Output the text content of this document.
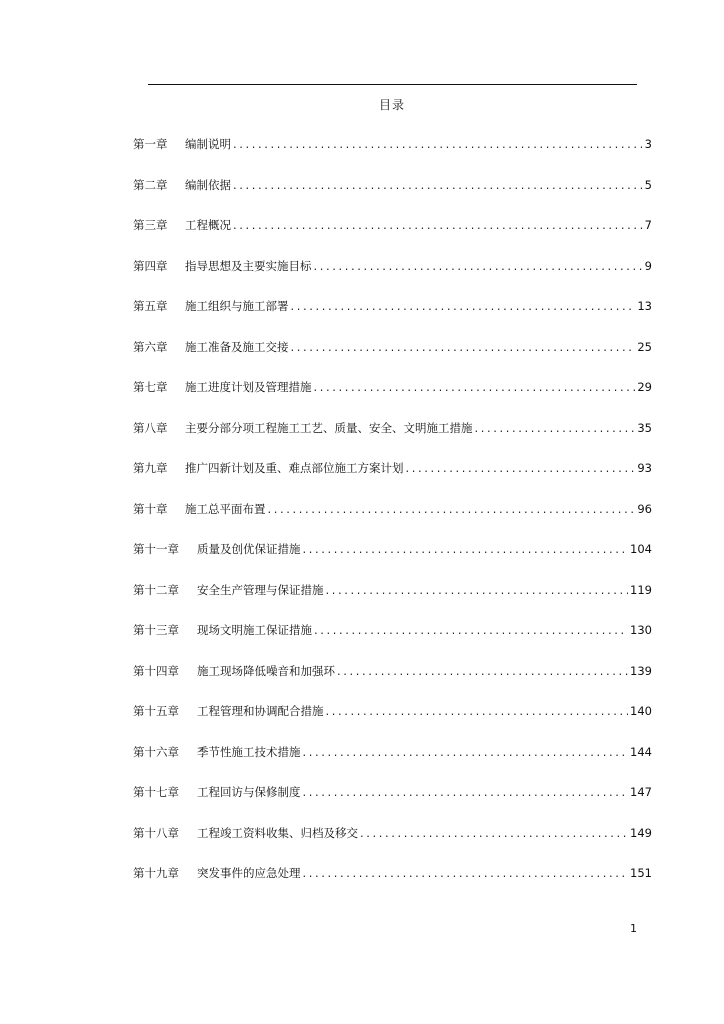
目录
第一章	编制说明 .....	3
第二章	编制依据 .....	5
第三章	工程概况 .....	7
第四章	指导思想及主要实施目标 .....	9
第五章	施工组织与施工部署 .....	13
第六章	施工准备及施工交接 .....	25
第七章	施工进度计划及管理措施 .....	29
第八章	主要分部分项工程施工工艺、质量、安全、文明施工措施 .....	35
第九章	推广四新计划及重、难点部位施工方案计划 .....	93
第十章	施工总平面布置 .....	96
第十一章	质量及创优保证措施 .....	104
第十二章	安全生产管理与保证措施 .....	119
第十三章	现场文明施工保证措施 .....	130
第十四章	施工现场降低噪音和加强环 .....	139
第十五章	工程管理和协调配合措施 .....	140
第十六章	季节性施工技术措施 .....	144
第十七章	工程回访与保修制度 .....	147
第十八章	工程竣工资料收集、归档及移交 .....	149
第十九章	突发事件的应急处理 .....	151
1
